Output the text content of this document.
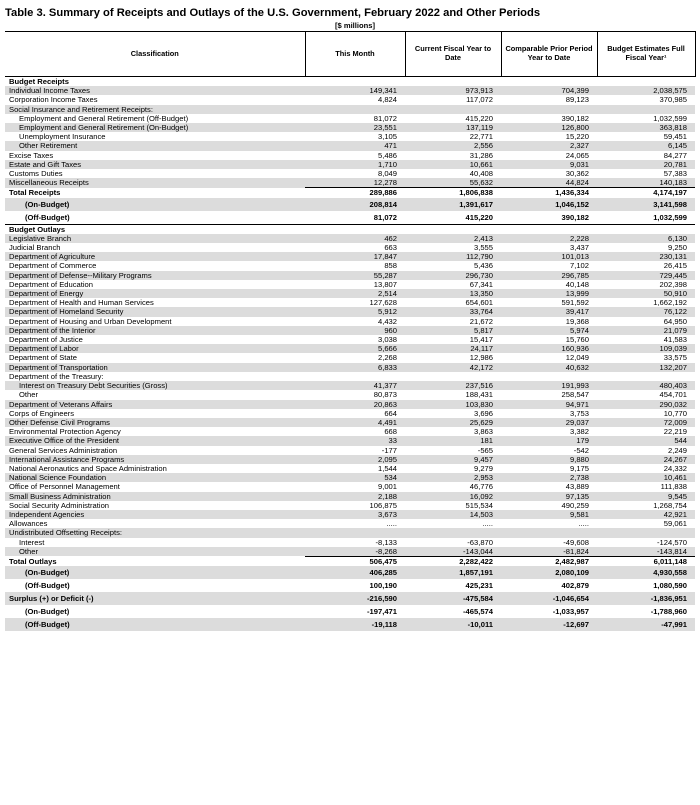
Table 3. Summary of Receipts and Outlays of the U.S. Government, February 2022 and Other Periods
[$ millions]
Classification	This Month	Current Fiscal Year to Date	Comparable Prior Period Year to Date	Budget Estimates Full Fiscal Year¹
Budget Receipts				
Individual Income Taxes	149,341	973,913	704,399	2,038,575
Corporation Income Taxes	4,824	117,072	89,123	370,985
Social Insurance and Retirement Receipts:				
Employment and General Retirement (Off-Budget)	81,072	415,220	390,182	1,032,599
Employment and General Retirement (On-Budget)	23,551	137,119	126,800	363,818
Unemployment Insurance	3,105	22,771	15,220	59,451
Other Retirement	471	2,556	2,327	6,145
Excise Taxes	5,486	31,286	24,065	84,277
Estate and Gift Taxes	1,710	10,661	9,031	20,781
Customs Duties	8,049	40,408	30,362	57,383
Miscellaneous Receipts	12,278	55,632	44,824	140,183
Total Receipts	289,886	1,806,838	1,436,334	4,174,197
(On-Budget)	208,814	1,391,617	1,046,152	3,141,598
(Off-Budget)	81,072	415,220	390,182	1,032,599
Budget Outlays				
Legislative Branch	462	2,413	2,228	6,130
Judicial Branch	663	3,555	3,437	9,250
Department of Agriculture	17,847	112,790	101,013	230,131
Department of Commerce	858	5,436	7,102	26,415
Department of Defense--Military Programs	55,287	296,730	296,785	729,445
Department of Education	13,807	67,341	40,148	202,398
Department of Energy	2,514	13,350	13,999	50,910
Department of Health and Human Services	127,628	654,601	591,592	1,662,192
Department of Homeland Security	5,912	33,764	39,417	76,122
Department of Housing and Urban Development	4,432	21,672	19,368	64,950
Department of the Interior	960	5,817	5,974	21,079
Department of Justice	3,038	15,417	15,760	41,583
Department of Labor	5,666	24,117	160,936	109,039
Department of State	2,268	12,986	12,049	33,575
Department of Transportation	6,833	42,172	40,632	132,207
Department of the Treasury:				
Interest on Treasury Debt Securities (Gross)	41,377	237,516	191,993	480,403
Other	80,873	188,431	258,547	454,701
Department of Veterans Affairs	20,863	103,830	94,971	290,032
Corps of Engineers	664	3,696	3,753	10,770
Other Defense Civil Programs	4,491	25,629	29,037	72,009
Environmental Protection Agency	668	3,863	3,382	22,219
Executive Office of the President	33	181	179	544
General Services Administration	-177	-565	-542	2,249
International Assistance Programs	2,095	9,457	9,880	24,267
National Aeronautics and Space Administration	1,544	9,279	9,175	24,332
National Science Foundation	534	2,953	2,738	10,461
Office of Personnel Management	9,001	46,776	43,889	111,838
Small Business Administration	2,188	16,092	97,135	9,545
Social Security Administration	106,875	515,534	490,259	1,268,754
Independent Agencies	3,673	14,503	9,581	42,921
Allowances	.....	.....	.....	59,061
Undistributed Offsetting Receipts:				
Interest	-8,133	-63,870	-49,608	-124,570
Other	-8,268	-143,044	-81,824	-143,814
Total Outlays	506,475	2,282,422	2,482,987	6,011,148
(On-Budget)	406,285	1,857,191	2,080,109	4,930,558
(Off-Budget)	100,190	425,231	402,879	1,080,590
Surplus (+) or Deficit (-)	-216,590	-475,584	-1,046,654	-1,836,951
(On-Budget)	-197,471	-465,574	-1,033,957	-1,788,960
(Off-Budget)	-19,118	-10,011	-12,697	-47,991
